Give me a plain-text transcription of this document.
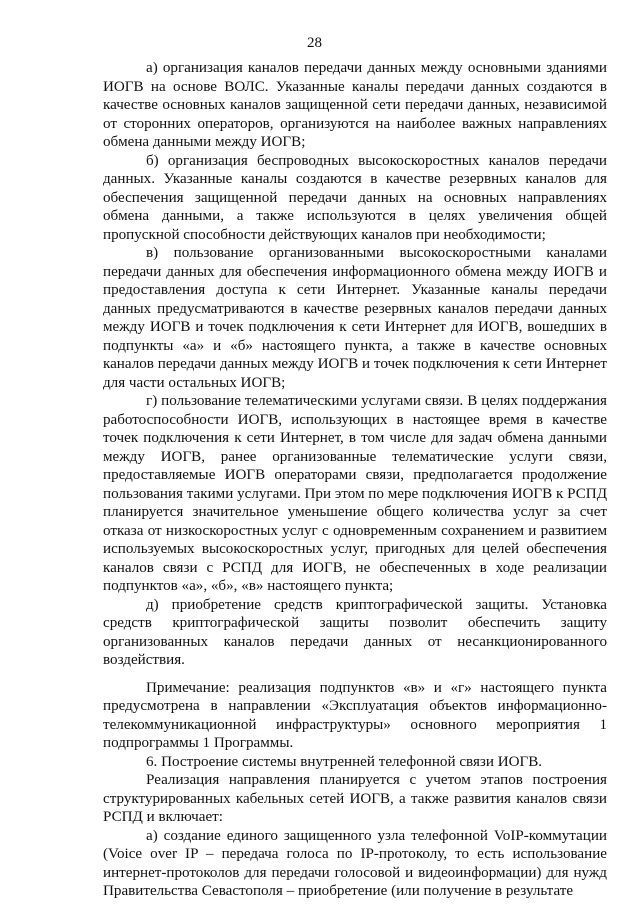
28

а) организация каналов передачи данных между основными зданиями ИОГВ на основе ВОЛС. Указанные каналы передачи данных создаются в качестве основных каналов защищенной сети передачи данных, независимой от сторонних операторов, организуются на наиболее важных направлениях обмена данными между ИОГВ;

б) организация беспроводных высокоскоростных каналов передачи данных. Указанные каналы создаются в качестве резервных каналов для обеспечения защищенной передачи данных на основных направлениях обмена данными, а также используются в целях увеличения общей пропускной способности действующих каналов при необходимости;

в) пользование организованными высокоскоростными каналами передачи данных для обеспечения информационного обмена между ИОГВ и предоставления доступа к сети Интернет. Указанные каналы передачи данных предусматриваются в качестве резервных каналов передачи данных между ИОГВ и точек подключения к сети Интернет для ИОГВ, вошедших в подпункты «а» и «б» настоящего пункта, а также в качестве основных каналов передачи данных между ИОГВ и точек подключения к сети Интернет для части остальных ИОГВ;

г) пользование телематическими услугами связи. В целях поддержания работоспособности ИОГВ, использующих в настоящее время в качестве точек подключения к сети Интернет, в том числе для задач обмена данными между ИОГВ, ранее организованные телематические услуги связи, предоставляемые ИОГВ операторами связи, предполагается продолжение пользования такими услугами. При этом по мере подключения ИОГВ к РСПД планируется значительное уменьшение общего количества услуг за счет отказа от низкоскоростных услуг с одновременным сохранением и развитием используемых высокоскоростных услуг, пригодных для целей обеспечения каналов связи с РСПД для ИОГВ, не обеспеченных в ходе реализации подпунктов «а», «б», «в» настоящего пункта;

д) приобретение средств криптографической защиты. Установка средств криптографической защиты позволит обеспечить защиту организованных каналов передачи данных от несанкционированного воздействия.

Примечание: реализация подпунктов «в» и «г» настоящего пункта предусмотрена в направлении «Эксплуатация объектов информационно-телекоммуникационной инфраструктуры» основного мероприятия 1 подпрограммы 1 Программы.

6. Построение системы внутренней телефонной связи ИОГВ.

Реализация направления планируется с учетом этапов построения структурированных кабельных сетей ИОГВ, а также развития каналов связи РСПД и включает:

а) создание единого защищенного узла телефонной VoIP-коммутации (Voice over IP – передача голоса по IP-протоколу, то есть использование интернет-протоколов для передачи голосовой и видеоинформации) для нужд Правительства Севастополя – приобретение (или получение в результате
